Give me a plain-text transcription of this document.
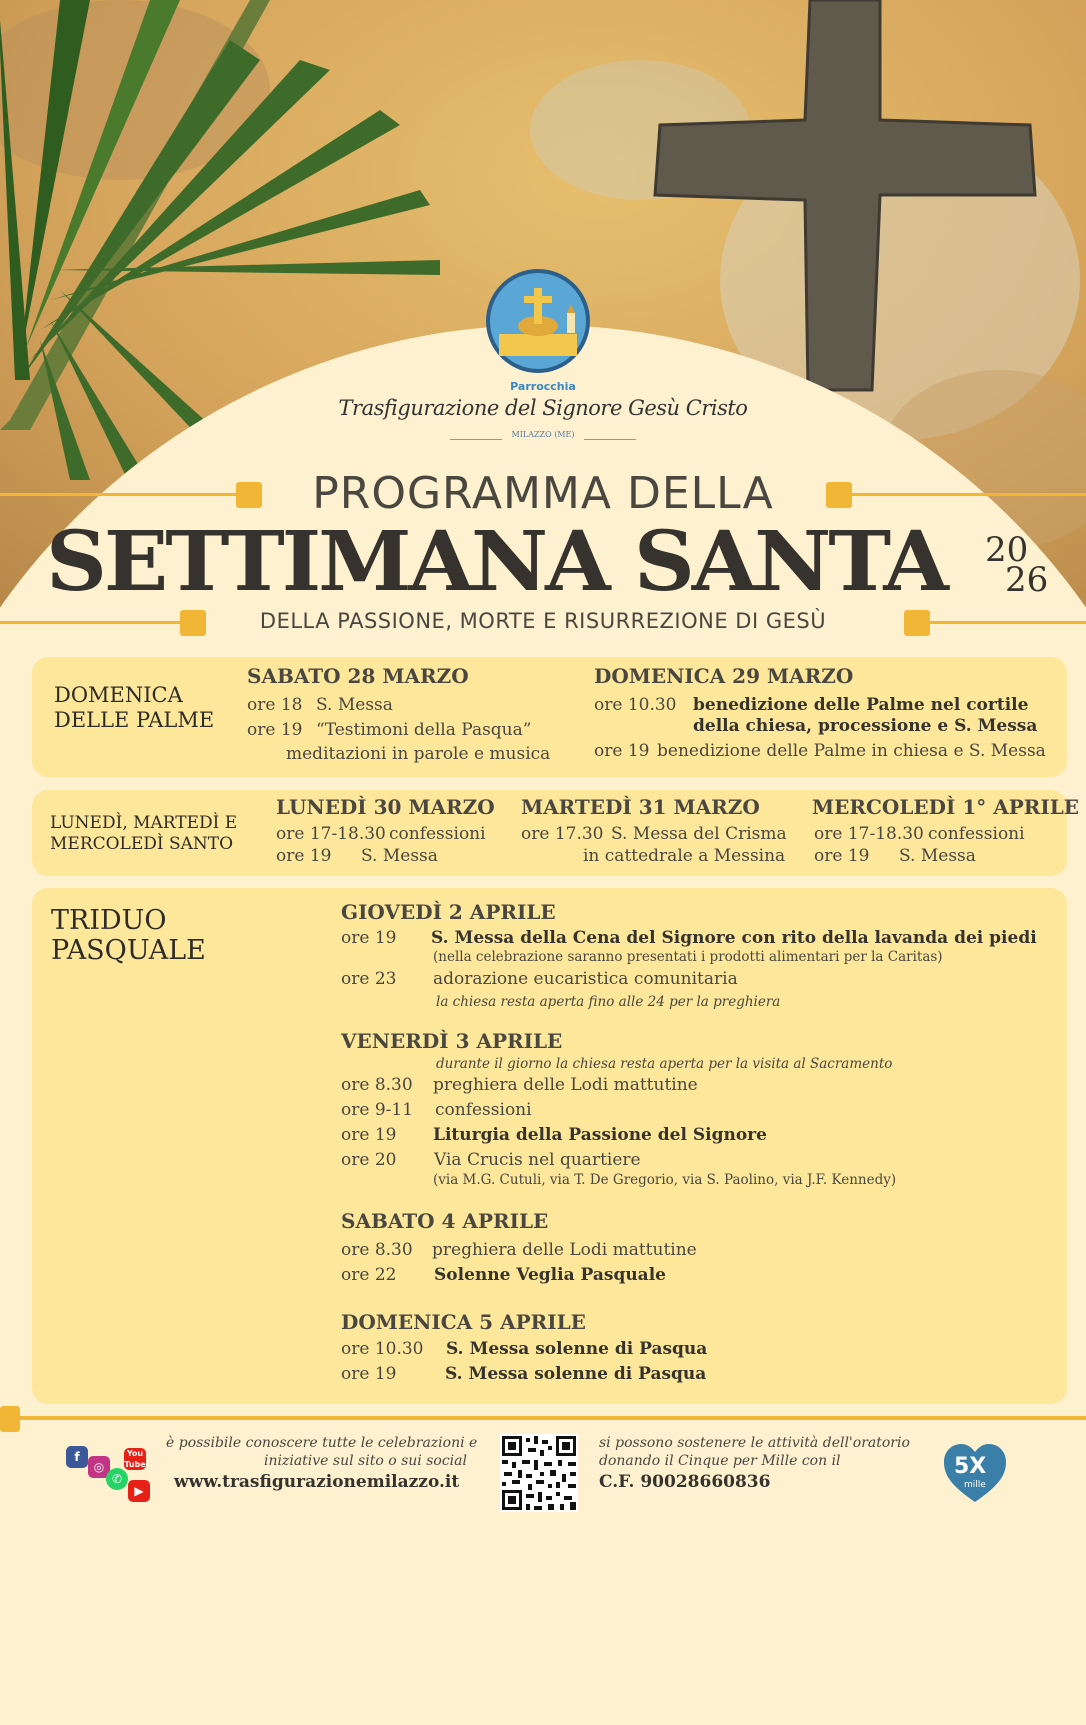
Parrocchia
Trasfigurazione del Signore Gesù Cristo
MILAZZO (ME)
PROGRAMMA DELLA
SETTIMANA SANTA 20
26
DELLA PASSIONE, MORTE E RISURREZIONE DI GESÙ
DOMENICA
DELLE PALME
SABATO 28 MARZO
ore 18 S. Messa
ore 19 “Testimoni della Pasqua”
meditazioni in parole e musica
DOMENICA 29 MARZO
ore 10.30 benedizione delle Palme nel cortile
della chiesa, processione e S. Messa
ore 19 benedizione delle Palme in chiesa e S. Messa
LUNEDÌ, MARTEDÌ E
MERCOLEDÌ SANTO
LUNEDÌ 30 MARZO
ore 17-18.30 confessioni
ore 19 S. Messa
MARTEDÌ 31 MARZO
ore 17.30 S. Messa del Crisma
in cattedrale a Messina
MERCOLEDÌ 1° APRILE
ore 17-18.30 confessioni
ore 19 S. Messa
TRIDUO
PASQUALE
GIOVEDÌ 2 APRILE
ore 19 S. Messa della Cena del Signore con rito della lavanda dei piedi
(nella celebrazione saranno presentati i prodotti alimentari per la Caritas)
ore 23 adorazione eucaristica comunitaria
la chiesa resta aperta fino alle 24 per la preghiera
VENERDÌ 3 APRILE
durante il giorno la chiesa resta aperta per la visita al Sacramento
ore 8.30 preghiera delle Lodi mattutine
ore 9-11 confessioni
ore 19 Liturgia della Passione del Signore
ore 20 Via Crucis nel quartiere
(via M.G. Cutuli, via T. De Gregorio, via S. Paolino, via J.F. Kennedy)
SABATO 4 APRILE
ore 8.30 preghiera delle Lodi mattutine
ore 22 Solenne Veglia Pasquale
DOMENICA 5 APRILE
ore 10.30 S. Messa solenne di Pasqua
ore 19	S. Messa solenne di Pasqua
f
◎
You
Tube
✆
▶
è possibile conoscere tutte le celebrazioni e
iniziative sul sito o sui social
www.trasfigurazionemilazzo.it
si possono sostenere le attività dell'oratorio
donando il Cinque per Mille con il
C.F. 90028660836
5X
mille
